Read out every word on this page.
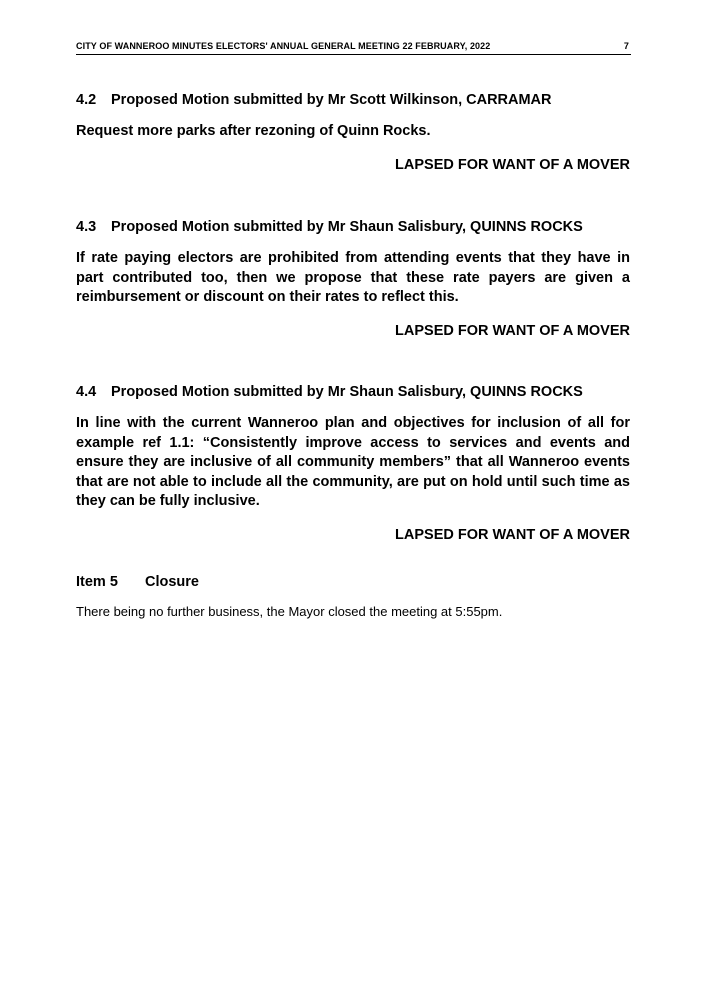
CITY OF WANNEROO MINUTES ELECTORS' ANNUAL GENERAL MEETING 22 FEBRUARY, 2022	7
4.2 Proposed Motion submitted by Mr Scott Wilkinson, CARRAMAR
Request more parks after rezoning of Quinn Rocks.
LAPSED FOR WANT OF A MOVER
4.3 Proposed Motion submitted by Mr Shaun Salisbury, QUINNS ROCKS
If rate paying electors are prohibited from attending events that they have in part contributed too, then we propose that these rate payers are given a reimbursement or discount on their rates to reflect this.
LAPSED FOR WANT OF A MOVER
4.4 Proposed Motion submitted by Mr Shaun Salisbury, QUINNS ROCKS
In line with the current Wanneroo plan and objectives for inclusion of all for example ref 1.1: “Consistently improve access to services and events and ensure they are inclusive of all community members” that all Wanneroo events that are not able to include all the community, are put on hold until such time as they can be fully inclusive.
LAPSED FOR WANT OF A MOVER
Item 5 Closure
There being no further business, the Mayor closed the meeting at 5:55pm.
